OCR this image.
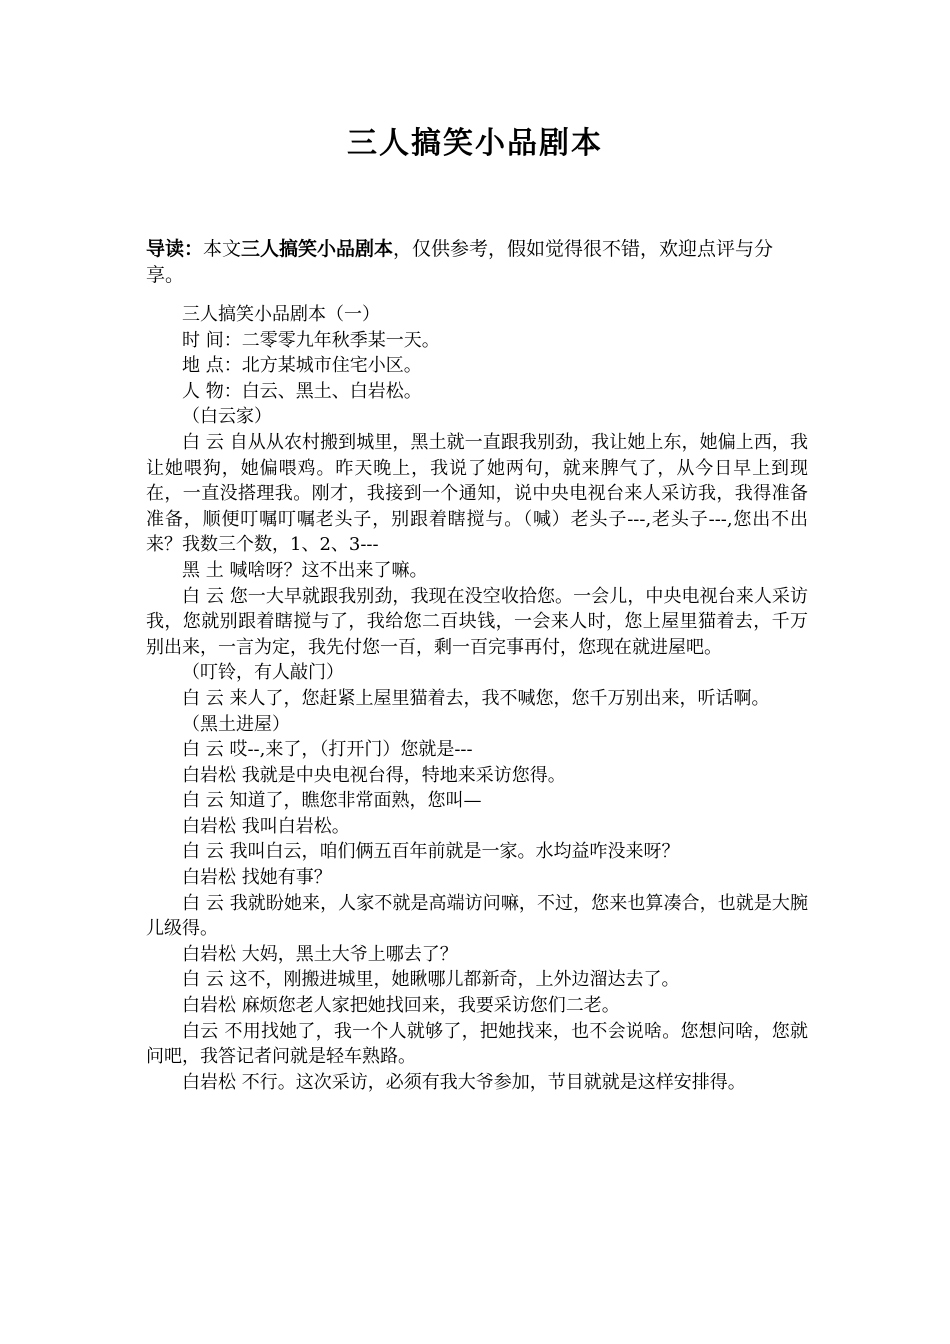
三人搞笑小品剧本
导读：本文三人搞笑小品剧本，仅供参考，假如觉得很不错，欢迎点评与分享。

三人搞笑小品剧本（一）

时 间：二零零九年秋季某一天。

地 点：北方某城市住宅小区。

人 物：白云、黑土、白岩松。

（白云家）

白 云 自从从农村搬到城里，黑土就一直跟我别劲，我让她上东，她偏上西，我让她喂狗，她偏喂鸡。昨天晚上，我说了她两句，就来脾气了，从今日早上到现在，一直没搭理我。刚才，我接到一个通知，说中央电视台来人采访我，我得准备准备，顺便叮嘱叮嘱老头子，别跟着瞎搅与。（喊）老头子---,老头子---,您出不出来？我数三个数，1、2、3---

黑 土 喊啥呀？这不出来了嘛。

白 云 您一大早就跟我别劲，我现在没空收拾您。一会儿，中央电视台来人采访我，您就别跟着瞎搅与了，我给您二百块钱，一会来人时，您上屋里猫着去，千万别出来，一言为定，我先付您一百，剩一百完事再付，您现在就进屋吧。

（叮铃，有人敲门）

白 云 来人了，您赶紧上屋里猫着去，我不喊您，您千万别出来，听话啊。

（黑土进屋）

白 云 哎--,来了，（打开门）您就是---

白岩松 我就是中央电视台得，特地来采访您得。

白 云 知道了，瞧您非常面熟，您叫—

白岩松 我叫白岩松。

白 云 我叫白云，咱们俩五百年前就是一家。水均益咋没来呀？

白岩松 找她有事？

白 云 我就盼她来，人家不就是高端访问嘛，不过，您来也算凑合，也就是大腕儿级得。

白岩松 大妈，黑土大爷上哪去了？

白 云 这不，刚搬进城里，她瞅哪儿都新奇，上外边溜达去了。

白岩松 麻烦您老人家把她找回来，我要采访您们二老。

白云 不用找她了，我一个人就够了，把她找来，也不会说啥。您想问啥，您就问吧，我答记者问就是轻车熟路。

白岩松 不行。这次采访，必须有我大爷参加，节目就就是这样安排得。
